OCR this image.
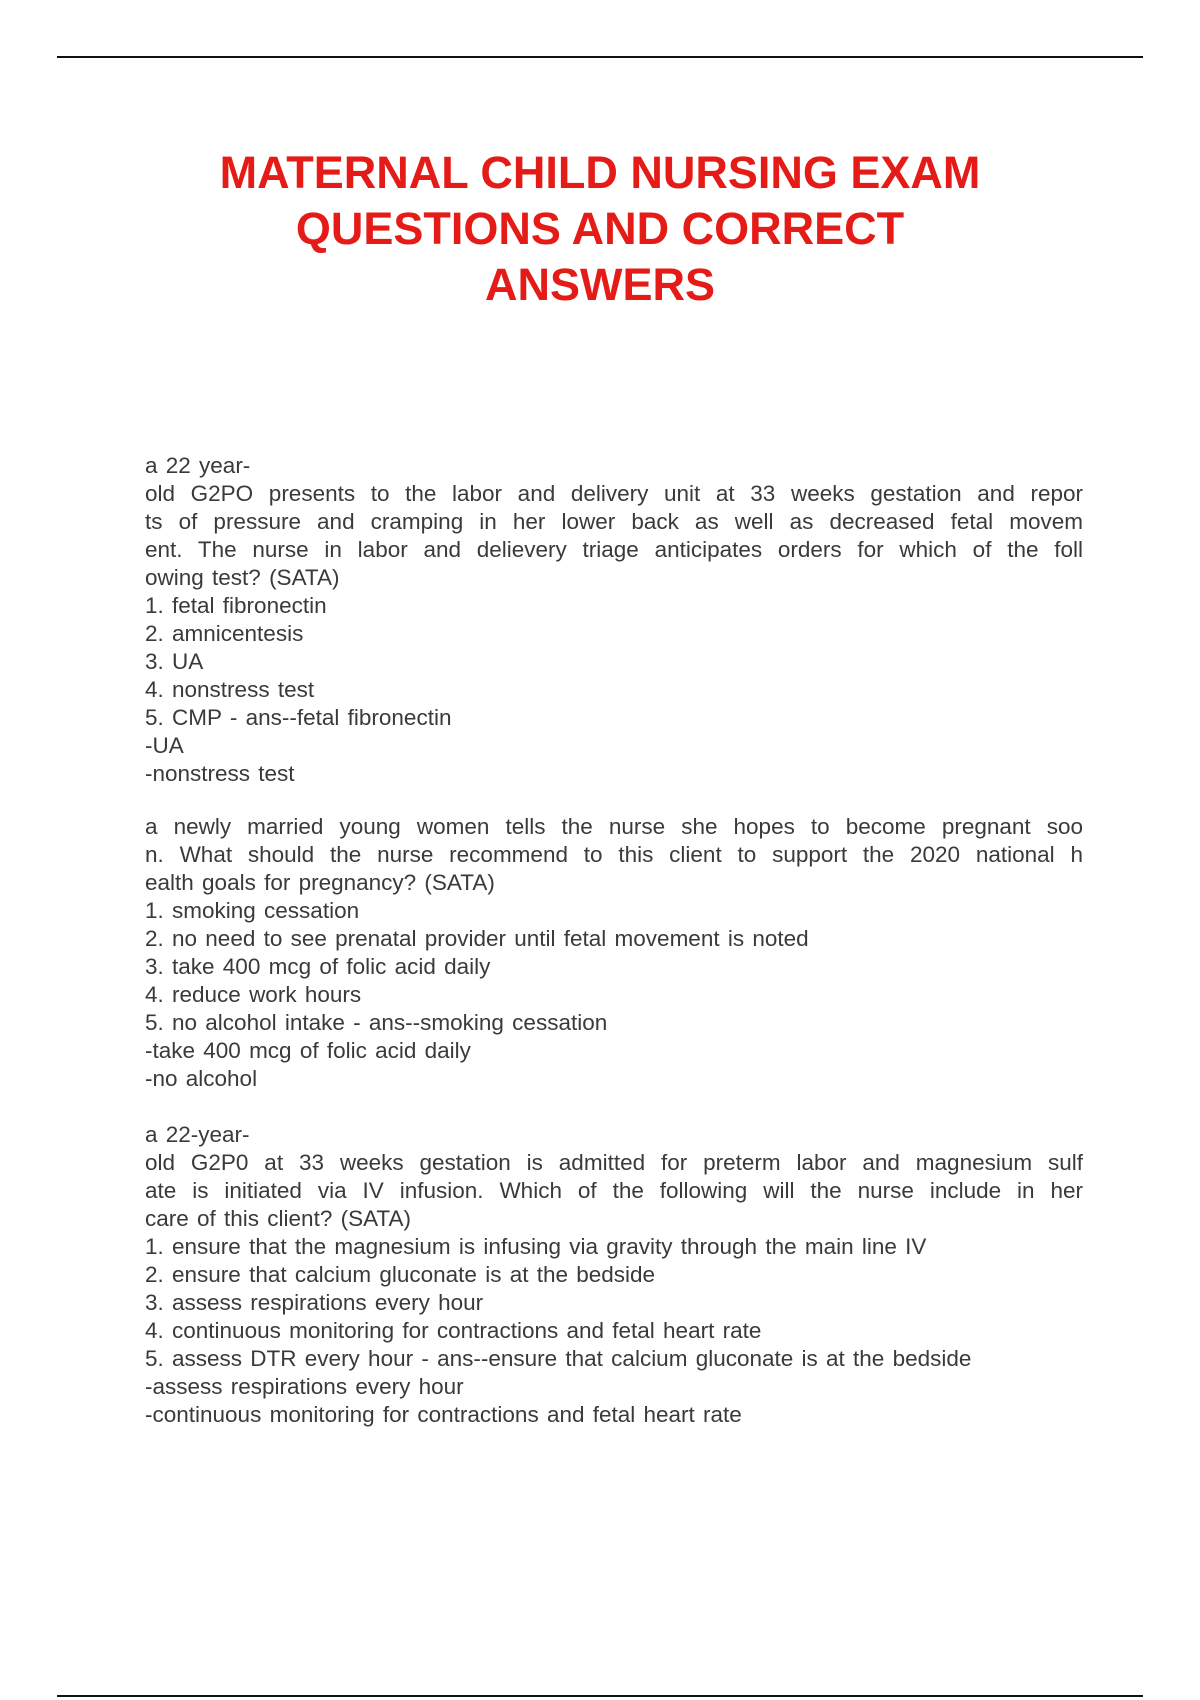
MATERNAL CHILD NURSING EXAM
QUESTIONS AND CORRECT
ANSWERS
a 22 year-
old G2PO presents to the labor and delivery unit at 33 weeks gestation and repor
ts of pressure and cramping in her lower back as well as decreased fetal movem
ent. The nurse in labor and delievery triage anticipates orders for which of the foll
owing test? (SATA)
1. fetal fibronectin
2. amnicentesis
3. UA
4. nonstress test
5. CMP - ans--fetal fibronectin
-UA
-nonstress test
a newly married young women tells the nurse she hopes to become pregnant soo
n. What should the nurse recommend to this client to support the 2020 national h
ealth goals for pregnancy? (SATA)
1. smoking cessation
2. no need to see prenatal provider until fetal movement is noted
3. take 400 mcg of folic acid daily
4. reduce work hours
5. no alcohol intake - ans--smoking cessation
-take 400 mcg of folic acid daily
-no alcohol
a 22-year-
old G2P0 at 33 weeks gestation is admitted for preterm labor and magnesium sulf
ate is initiated via IV infusion. Which of the following will the nurse include in her
care of this client? (SATA)
1. ensure that the magnesium is infusing via gravity through the main line IV
2. ensure that calcium gluconate is at the bedside
3. assess respirations every hour
4. continuous monitoring for contractions and fetal heart rate
5. assess DTR every hour - ans--ensure that calcium gluconate is at the bedside
-assess respirations every hour
-continuous monitoring for contractions and fetal heart rate
